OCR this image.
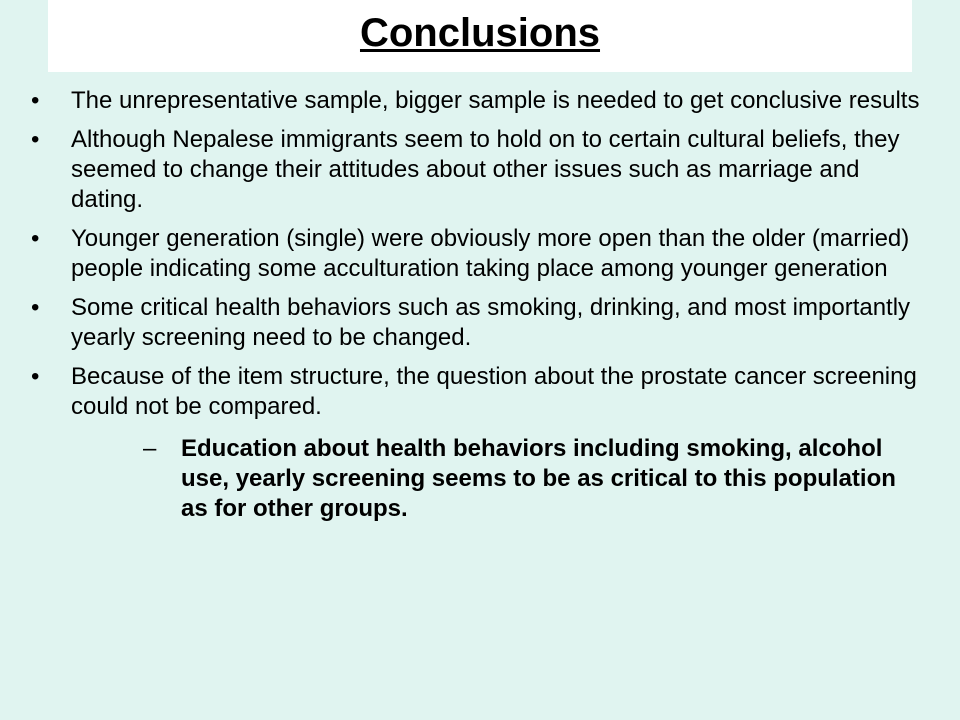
Conclusions
• The unrepresentative sample, bigger sample is needed to get conclusive results
• Although Nepalese immigrants seem to hold on to certain cultural beliefs, they seemed to change their attitudes about other issues such as marriage and dating.
• Younger generation (single) were obviously more open than the older (married) people indicating some acculturation taking place among younger generation
• Some critical health behaviors such as smoking, drinking, and most importantly yearly screening need to be changed.
• Because of the item structure, the question about the prostate cancer screening could not be compared.
– Education about health behaviors including smoking, alcohol use, yearly screening seems to be as critical to this population as for other groups.
